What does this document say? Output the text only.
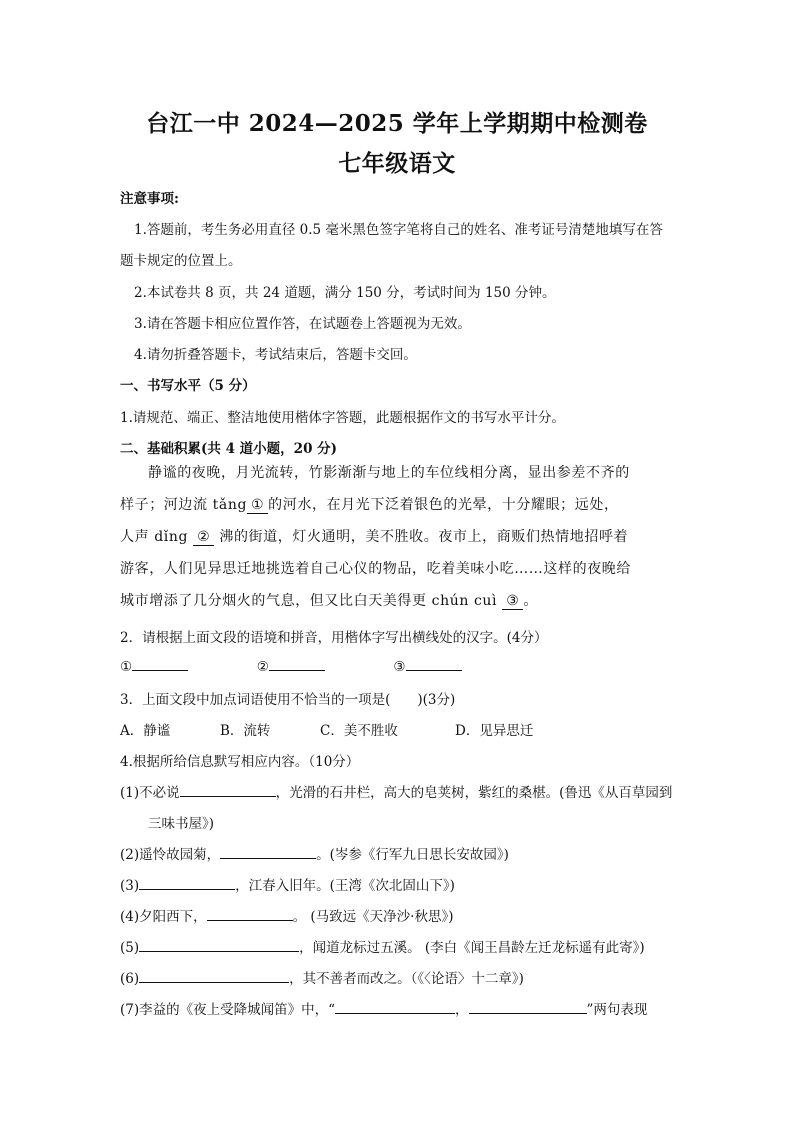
台江一中 2024—2025 学年上学期期中检测卷
七年级语文
注意事项:
1.答题前，考生务必用直径 0.5 毫米黑色签字笔将自己的姓名、准考证号清楚地填写在答
题卡规定的位置上。
2.本试卷共 8 页，共 24 道题，满分 150 分，考试时间为 150 分钟。
3.请在答题卡相应位置作答，在试题卷上答题视为无效。
4.请勿折叠答题卡，考试结束后，答题卡交回。
一、书写水平（5 分）
1.请规范、端正、整洁地使用楷体字答题，此题根据作文的书写水平计分。
二、基础积累(共 4 道小题，20 分)
静谧的夜晚，月光流转，竹影渐渐与地上的车位线相分离，显出参差不齐的
样子；河边流 tǎng ① 的河水，在月光下泛着银色的光晕，十分耀眼；远处，
人声 dǐng ② 沸的街道，灯火通明，美不胜收。夜市上，商贩们热情地招呼着
游客，人们见异思迁地挑选着自己心仪的物品，吃着美味小吃……这样的夜晚给
城市增添了几分烟火的气息，但又比白天美得更 chún cuì ③ 。
2．请根据上面文段的语境和拼音，用楷体字写出横线处的汉字。(4分）
①	②	③
3．上面文段中加点词语使用不恰当的一项是(　　)(3分)
A．静谧	B．流转	C．美不胜收	D．见异思迁
4.根据所给信息默写相应内容。（10分）
(1)不必说	，光滑的石井栏，高大的皂荚树，紫红的桑椹。(鲁迅《从百草园到
三味书屋》)
(2)遥怜故园菊，	。(岑参《行军九日思长安故园》)
(3)	，江春入旧年。(王湾《次北固山下》)
(4)夕阳西下，	。 (马致远《天净沙·秋思》)
(5)	，闻道龙标过五溪。 (李白《闻王昌龄左迁龙标遥有此寄》)
(6)	，其不善者而改之。（《〈论语〉十二章》)
(7)李益的《夜上受降城闻笛》中，“	，	”两句表现
